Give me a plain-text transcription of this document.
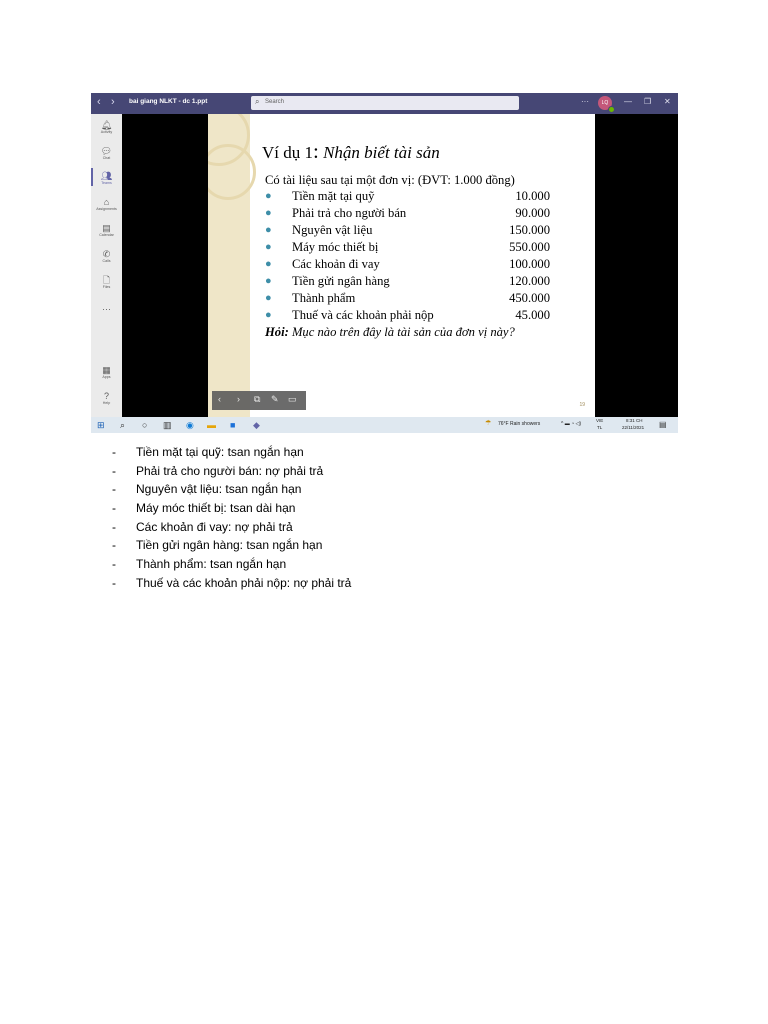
‹ › bai giang NLKT - dc 1.ppt	⌕ Search	···	LQ	— ❐ ✕
🔔︎
Activity
💬︎
Chat
👥︎
Teams
⌂
Assignments
▤
Calendar
✆
Calls
🗋︎
Files
···
▦
Apps
?
Help
Ví dụ 1: Nhận biết tài sản
Có tài liệu sau tại một đơn vị: (ĐVT: 1.000 đồng)
● Tiền mặt tại quỹ	10.000
● Phải trả cho người bán	90.000
● Nguyên vật liệu	150.000
● Máy móc thiết bị	550.000
● Các khoản đi vay	100.000
● Tiền gửi ngân hàng	120.000
● Thành phẩm	450.000
● Thuế và các khoản phải nộp	45.000
Hỏi: Mục nào trên đây là tài sản của đơn vị này?
19
‹ › ⧉ ✎ ▭
⊞ ⌕ ○ ▥ ◉ ▬ ■ ◆	☂ 76°F Rain showers	^ ▬ ◔ ◁)
VIE
TL
8:31 CH
22/11/2021 ▤
- Tiền mặt tại quỹ: tsan ngắn hạn
- Phải trả cho người bán: nợ phải trả
- Nguyên vật liệu: tsan ngắn hạn
- Máy móc thiết bị: tsan dài hạn
- Các khoản đi vay: nợ phải trả
- Tiền gửi ngân hàng: tsan ngắn hạn
- Thành phẩm: tsan ngắn hạn
- Thuế và các khoản phải nộp: nợ phải trả
